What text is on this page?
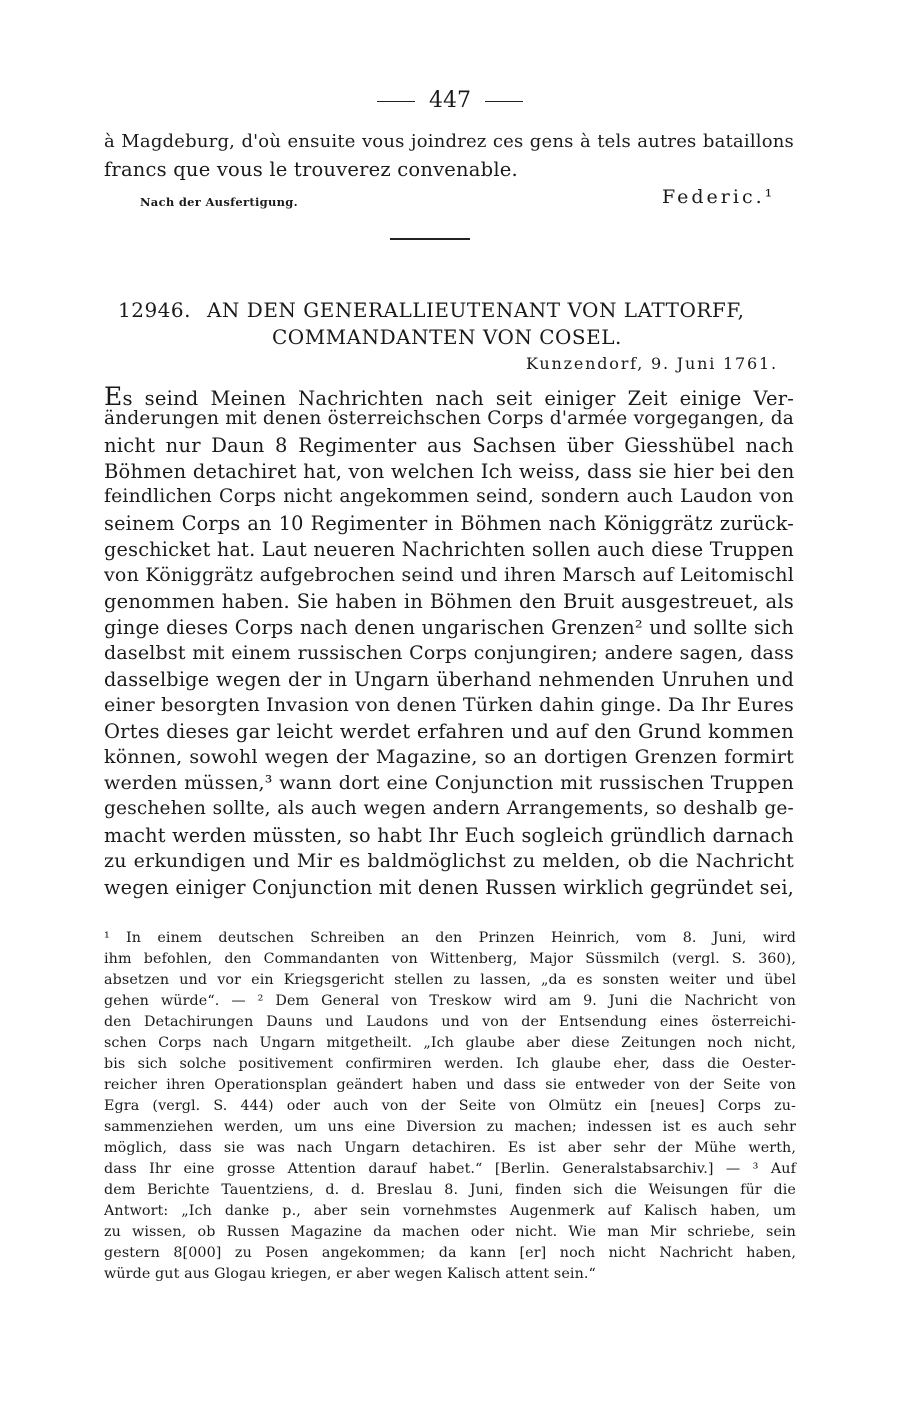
447
à Magdeburg, d'où ensuite vous joindrez ces gens à tels autres bataillons
francs que vous le trouverez convenable.
Nach der Ausfertigung.	Federic.¹
12946. AN DEN GENERALLIEUTENANT VON LATTORFF,
COMMANDANTEN VON COSEL.
Kunzendorf, 9. Juni 1761.
Es seind Meinen Nachrichten nach seit einiger Zeit einige Ver-
änderungen mit denen österreichschen Corps d'armée vorgegangen, da
nicht nur Daun 8 Regimenter aus Sachsen über Giesshübel nach
Böhmen detachiret hat, von welchen Ich weiss, dass sie hier bei den
feindlichen Corps nicht angekommen seind, sondern auch Laudon von
seinem Corps an 10 Regimenter in Böhmen nach Königgrätz zurück-
geschicket hat. Laut neueren Nachrichten sollen auch diese Truppen
von Königgrätz aufgebrochen seind und ihren Marsch auf Leitomischl
genommen haben. Sie haben in Böhmen den Bruit ausgestreuet, als
ginge dieses Corps nach denen ungarischen Grenzen² und sollte sich
daselbst mit einem russischen Corps conjungiren; andere sagen, dass
dasselbige wegen der in Ungarn überhand nehmenden Unruhen und
einer besorgten Invasion von denen Türken dahin ginge. Da Ihr Eures
Ortes dieses gar leicht werdet erfahren und auf den Grund kommen
können, sowohl wegen der Magazine, so an dortigen Grenzen formirt
werden müssen,³ wann dort eine Conjunction mit russischen Truppen
geschehen sollte, als auch wegen andern Arrangements, so deshalb ge-
macht werden müssten, so habt Ihr Euch sogleich gründlich darnach
zu erkundigen und Mir es baldmöglichst zu melden, ob die Nachricht
wegen einiger Conjunction mit denen Russen wirklich gegründet sei,
¹ In einem deutschen Schreiben an den Prinzen Heinrich, vom 8. Juni, wird
ihm befohlen, den Commandanten von Wittenberg, Major Süssmilch (vergl. S. 360),
absetzen und vor ein Kriegsgericht stellen zu lassen, „da es sonsten weiter und übel
gehen würde“. — ² Dem General von Treskow wird am 9. Juni die Nachricht von
den Detachirungen Dauns und Laudons und von der Entsendung eines österreichi-
schen Corps nach Ungarn mitgetheilt. „Ich glaube aber diese Zeitungen noch nicht,
bis sich solche positivement confirmiren werden. Ich glaube eher, dass die Oester-
reicher ihren Operationsplan geändert haben und dass sie entweder von der Seite von
Egra (vergl. S. 444) oder auch von der Seite von Olmütz ein [neues] Corps zu-
sammenziehen werden, um uns eine Diversion zu machen; indessen ist es auch sehr
möglich, dass sie was nach Ungarn detachiren. Es ist aber sehr der Mühe werth,
dass Ihr eine grosse Attention darauf habet.“ [Berlin. Generalstabsarchiv.] — ³ Auf
dem Berichte Tauentziens, d. d. Breslau 8. Juni, finden sich die Weisungen für die
Antwort: „Ich danke p., aber sein vornehmstes Augenmerk auf Kalisch haben, um
zu wissen, ob Russen Magazine da machen oder nicht. Wie man Mir schriebe, sein
gestern 8[000] zu Posen angekommen; da kann [er] noch nicht Nachricht haben,
würde gut aus Glogau kriegen, er aber wegen Kalisch attent sein.“
